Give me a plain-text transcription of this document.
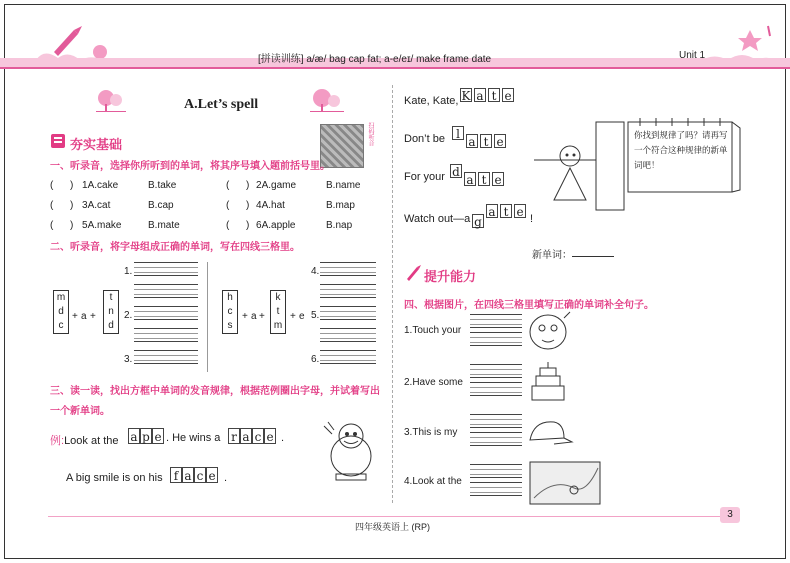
[拼读训练] a/æ/ bag cap fat; a-e/eɪ/ make frame date	Unit 1
A.Let’s spell
扫码听音
夯实基础
一、听录音，选择你所听到的单词，将其序号填入题前括号里。
(      ) 1A.cake	B.take	(      ) 2A.game	B.name
(      ) 3A.cat	B.cap	(      ) 4A.hat	B.map
(      ) 5A.make	B.mate	(      ) 6A.apple	B.nap
二、听录音，将字母组成正确的单词，写在四线三格里。
m
d
c
+ a +
t
n
d
1.
2.
3.
h
c
s
+ a +
k
t
m
+ e
4.
5.
6.
三、读一读，找出方框中单词的发音规律，根据范例圈出字母，并试着写出一个新单词。
例:Look at the a p e . He wins a r a c e .
A big smile is on his f a c e .
Kate, Kate, K a t e
Don’t be l
a t e
For your d
a t e
Watch out—a g
a t e !
你找到规律了吗？请再写一个符合这种规律的新单词吧！
新单词：
提升能力
四、根据图片，在四线三格里填写正确的单词补全句子。
1.Touch your
2.Have some
3.This is my
4.Look at the
四年级英语上 (RP)
3
